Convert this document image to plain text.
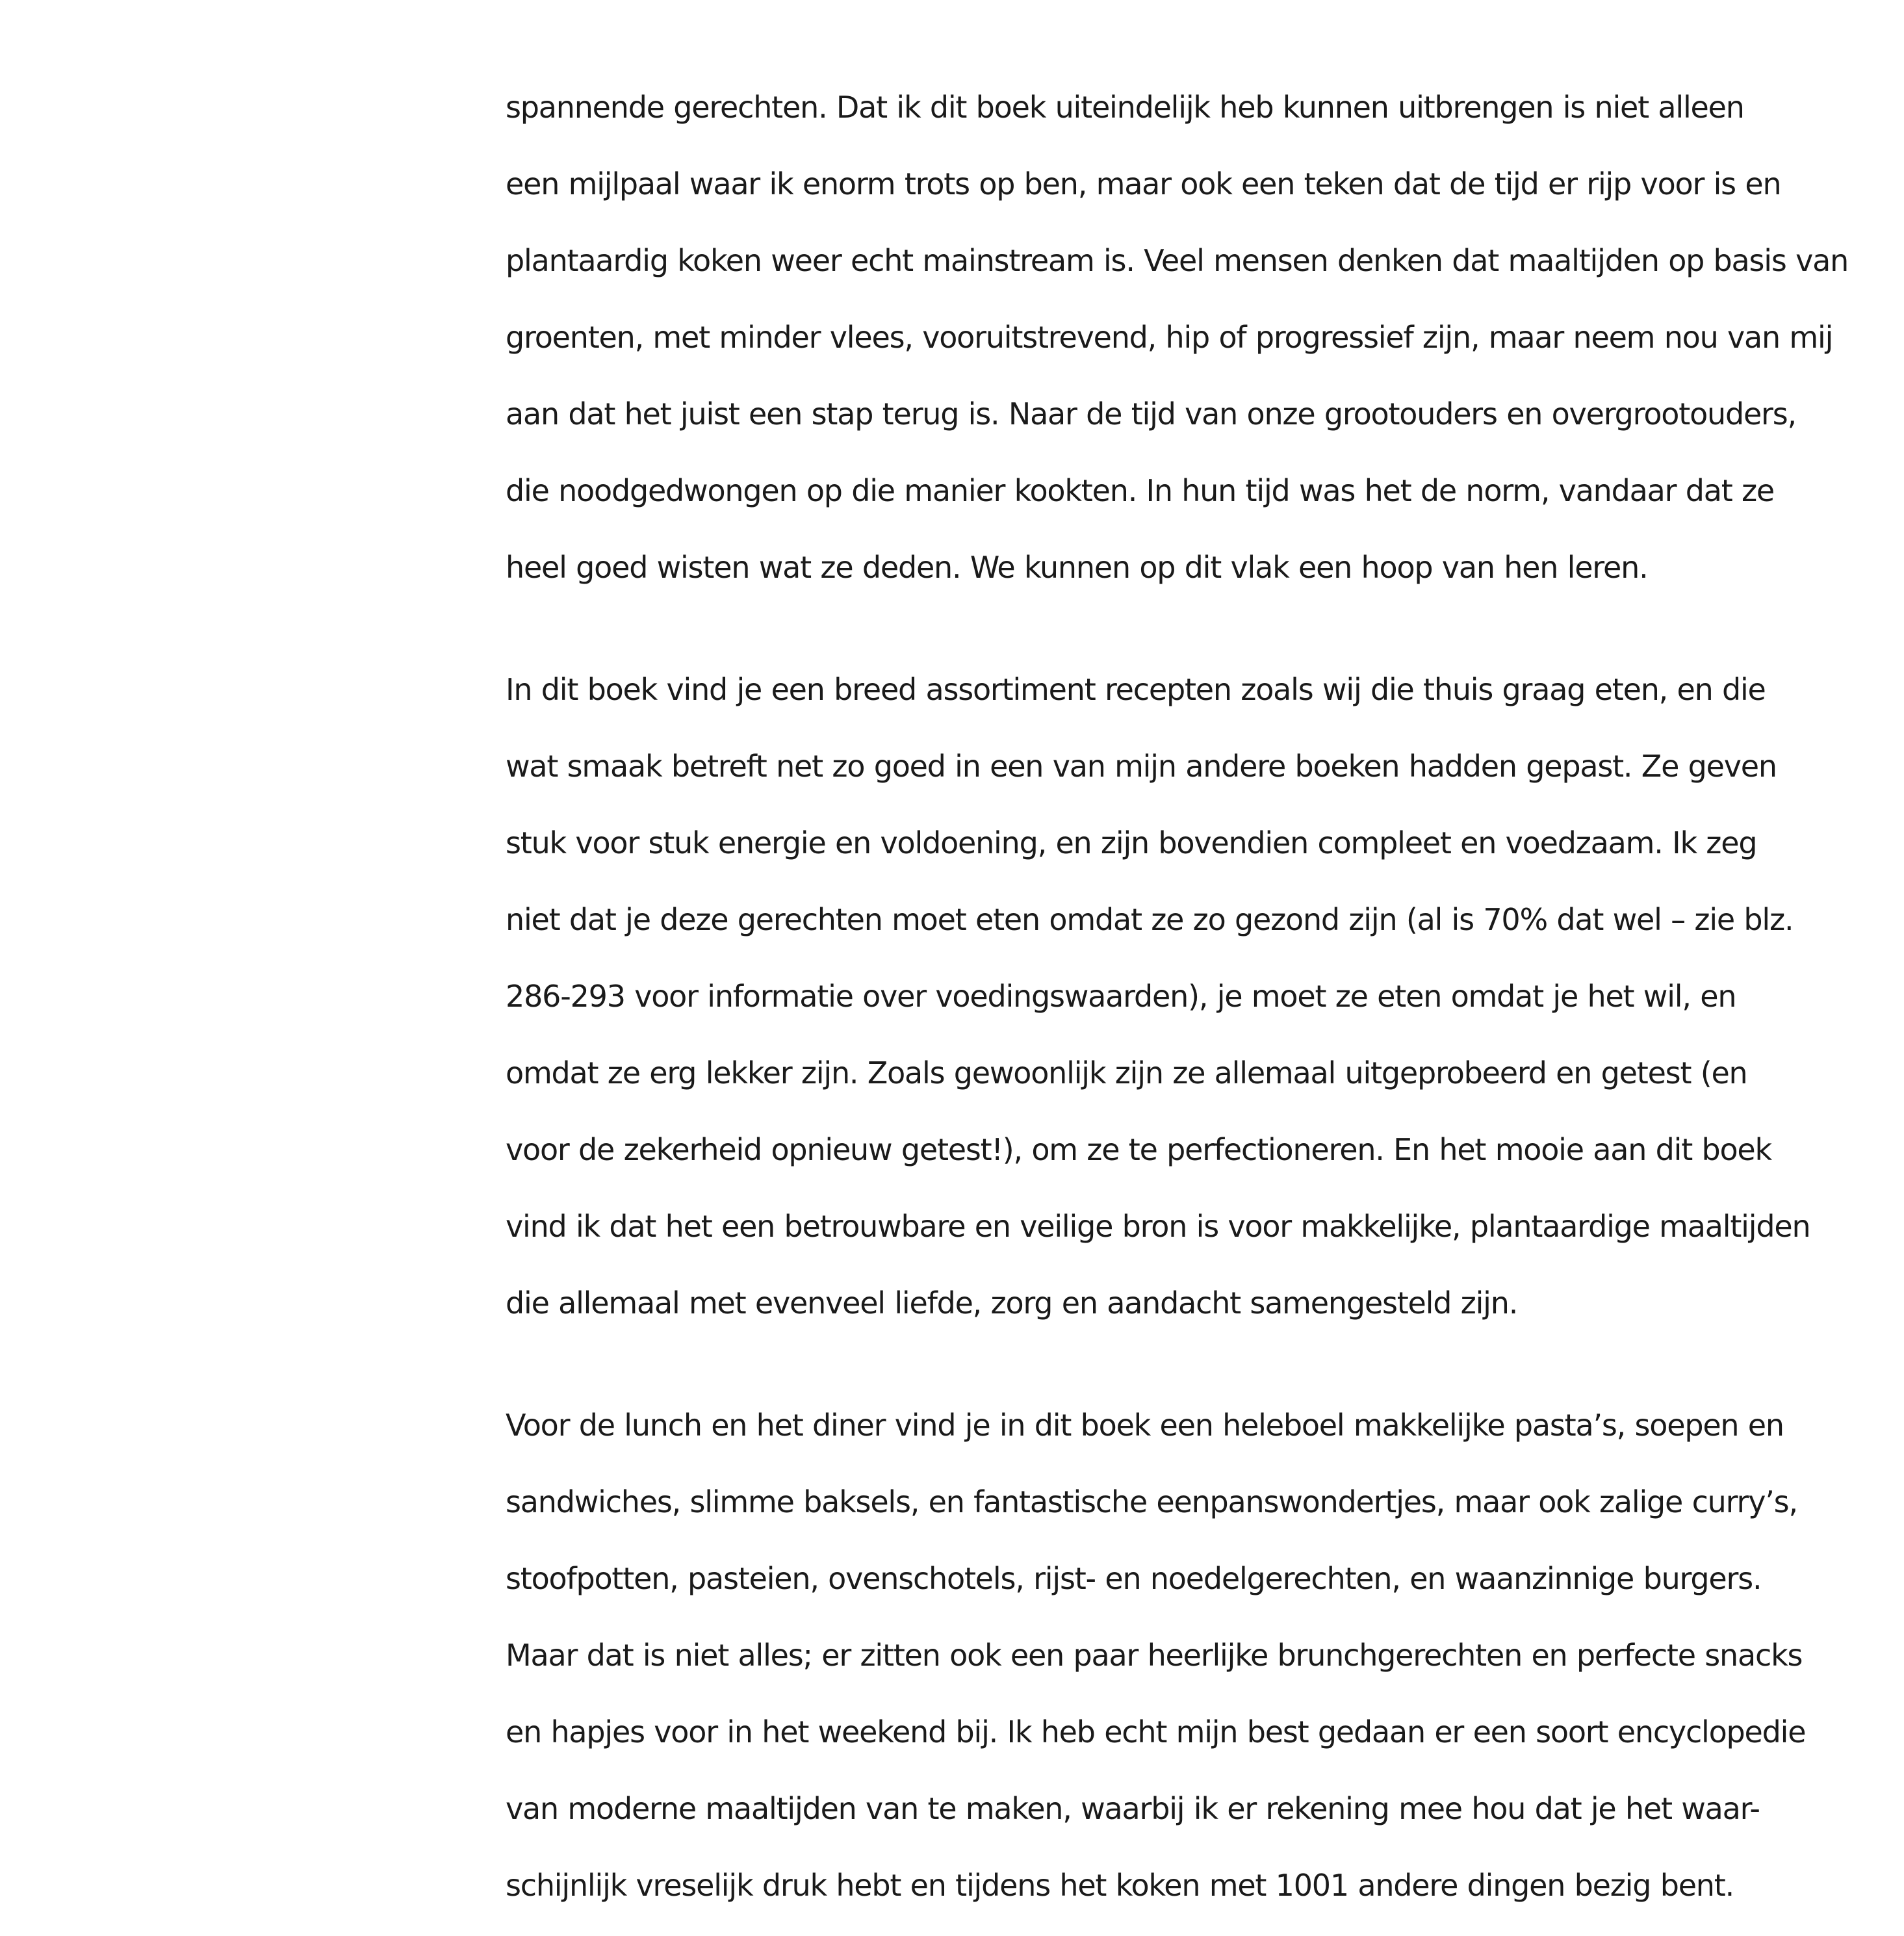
spannende gerechten. Dat ik dit boek uiteindelijk heb kunnen uitbrengen is niet alleen
een mijlpaal waar ik enorm trots op ben, maar ook een teken dat de tijd er rijp voor is en
plantaardig koken weer echt mainstream is. Veel mensen denken dat maaltijden op basis van
groenten, met minder vlees, vooruitstrevend, hip of progressief zijn, maar neem nou van mij
aan dat het juist een stap terug is. Naar de tijd van onze grootouders en overgrootouders,
die noodgedwongen op die manier kookten. In hun tijd was het de norm, vandaar dat ze
heel goed wisten wat ze deden. We kunnen op dit vlak een hoop van hen leren.
In dit boek vind je een breed assortiment recepten zoals wij die thuis graag eten, en die
wat smaak betreft net zo goed in een van mijn andere boeken hadden gepast. Ze geven
stuk voor stuk energie en voldoening, en zijn bovendien compleet en voedzaam. Ik zeg
niet dat je deze gerechten moet eten omdat ze zo gezond zijn (al is 70% dat wel – zie blz.
286-293 voor informatie over voedingswaarden), je moet ze eten omdat je het wil, en
omdat ze erg lekker zijn. Zoals gewoonlijk zijn ze allemaal uitgeprobeerd en getest (en
voor de zekerheid opnieuw getest!), om ze te perfectioneren. En het mooie aan dit boek
vind ik dat het een betrouwbare en veilige bron is voor makkelijke, plantaardige maaltijden
die allemaal met evenveel liefde, zorg en aandacht samengesteld zijn.
Voor de lunch en het diner vind je in dit boek een heleboel makkelijke pasta’s, soepen en
sandwiches, slimme baksels, en fantastische eenpanswondertjes, maar ook zalige curry’s,
stoofpotten, pasteien, ovenschotels, rijst- en noedelgerechten, en waanzinnige burgers.
Maar dat is niet alles; er zitten ook een paar heerlijke brunchgerechten en perfecte snacks
en hapjes voor in het weekend bij. Ik heb echt mijn best gedaan er een soort encyclopedie
van moderne maaltijden van te maken, waarbij ik er rekening mee hou dat je het waar-
schijnlijk vreselijk druk hebt en tijdens het koken met 1001 andere dingen bezig bent.
